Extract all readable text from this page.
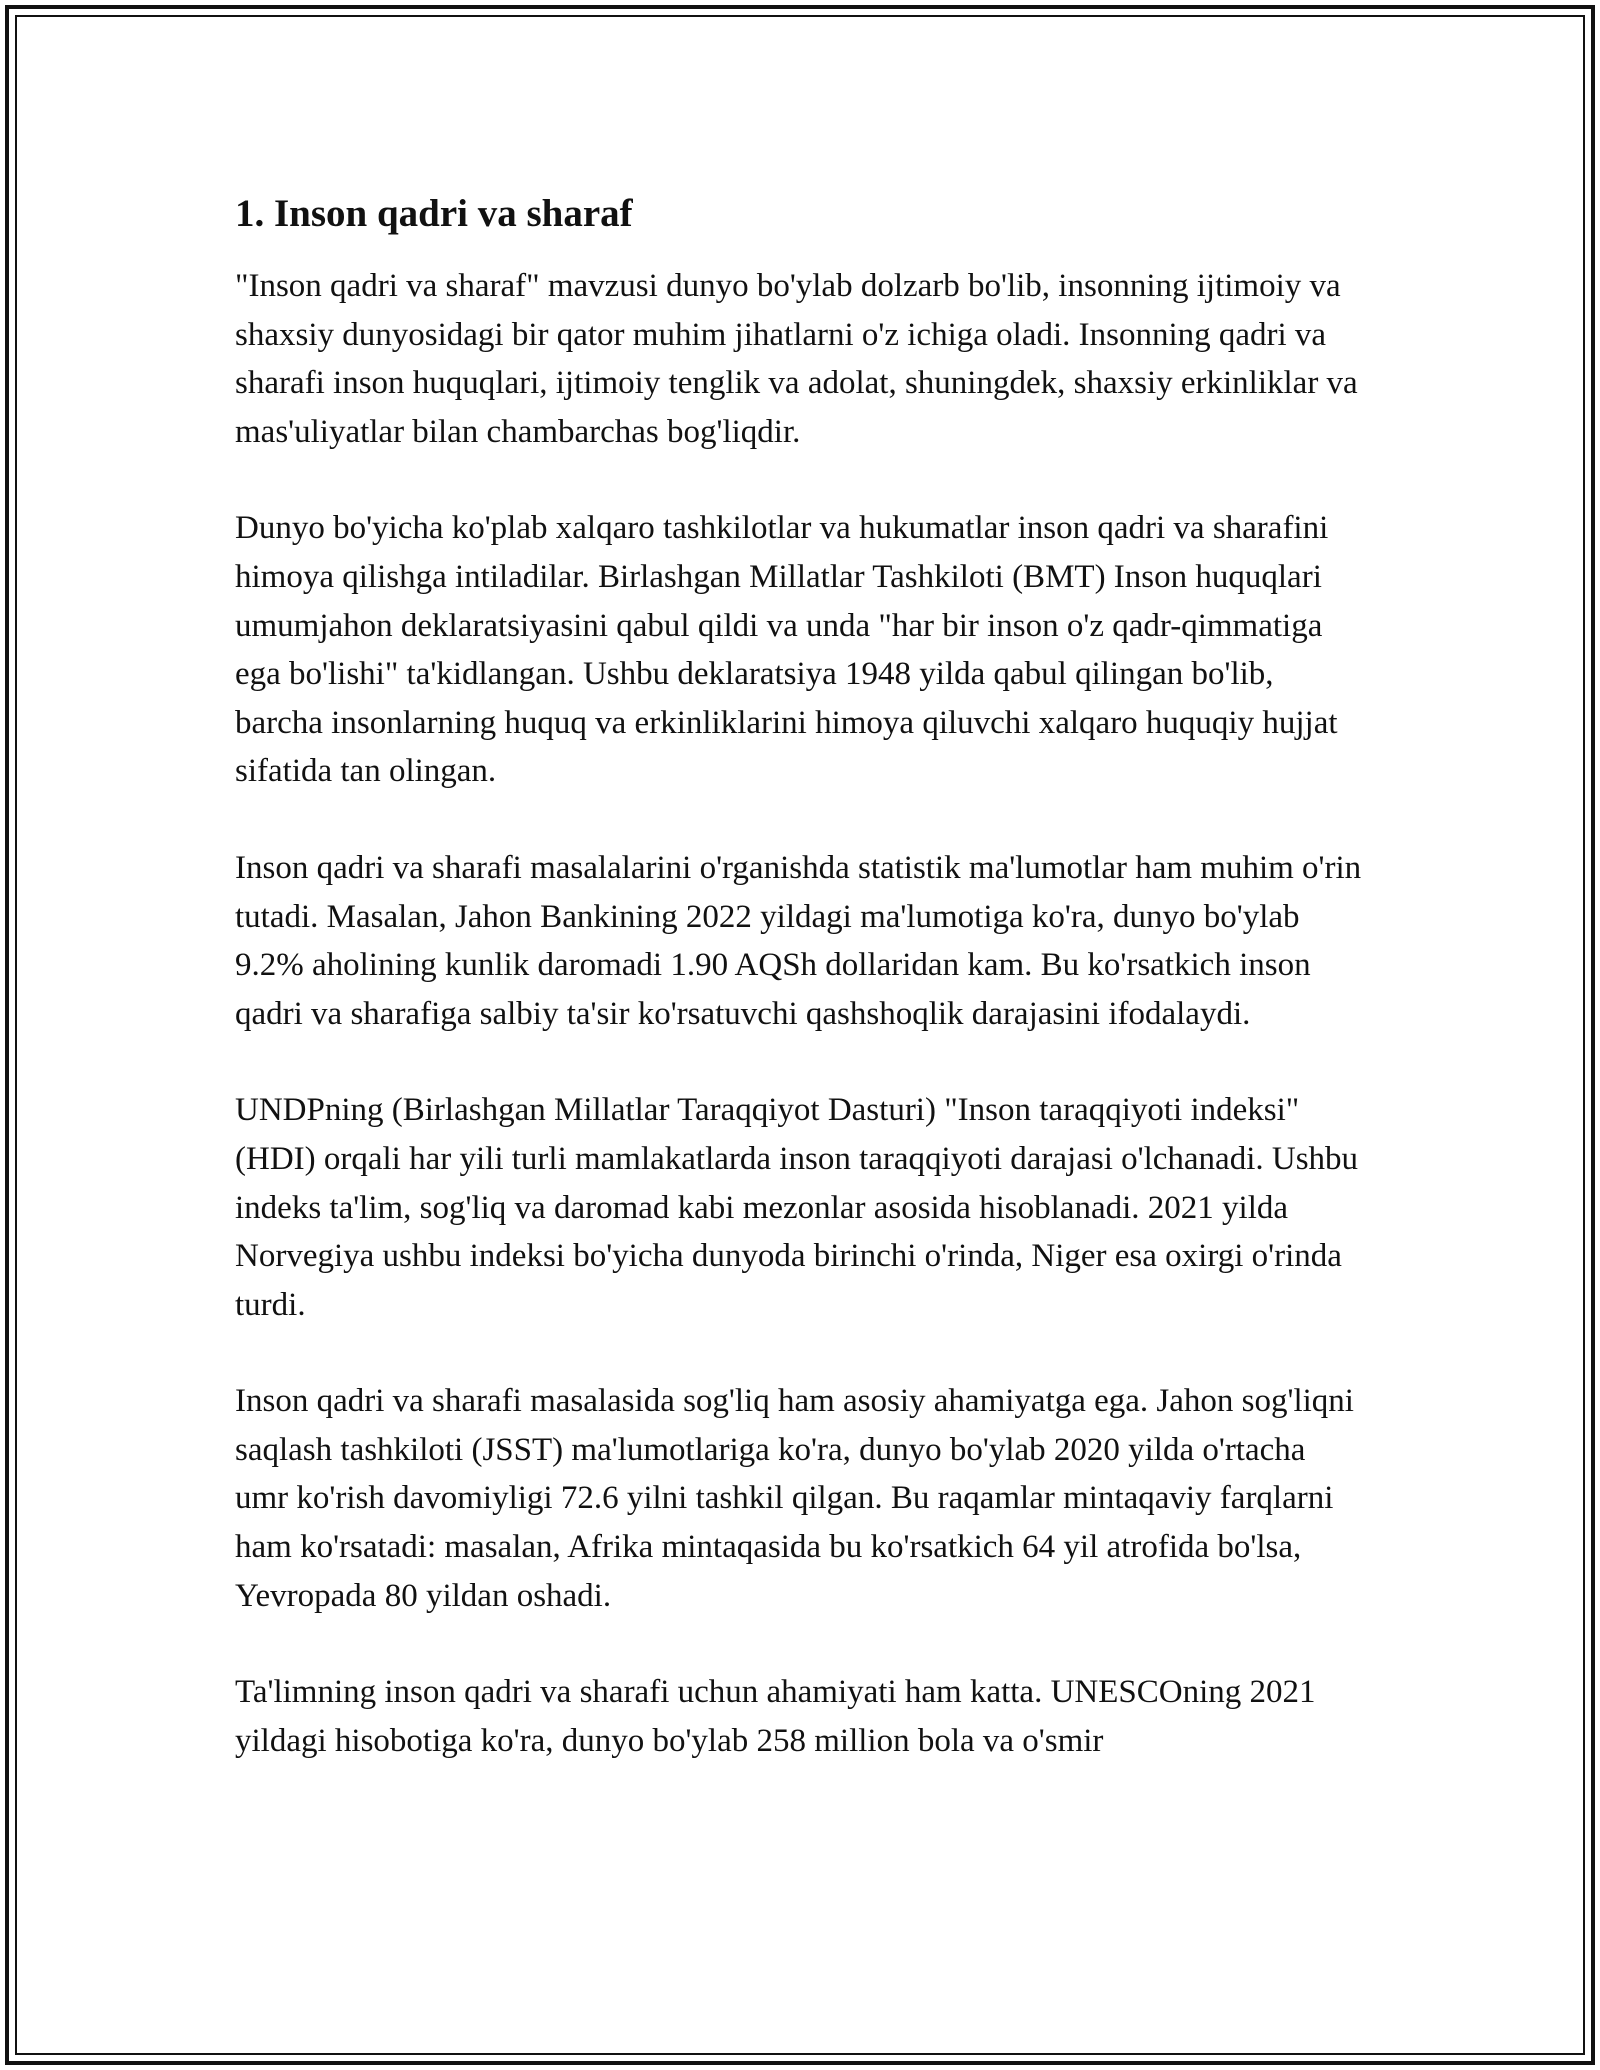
1. Inson qadri va sharaf

"Inson qadri va sharaf" mavzusi dunyo bo'ylab dolzarb bo'lib, insonning ijtimoiy va shaxsiy dunyosidagi bir qator muhim jihatlarni o'z ichiga oladi. Insonning qadri va sharafi inson huquqlari, ijtimoiy tenglik va adolat, shuningdek, shaxsiy erkinliklar va mas'uliyatlar bilan chambarchas bog'liqdir.

Dunyo bo'yicha ko'plab xalqaro tashkilotlar va hukumatlar inson qadri va sharafini himoya qilishga intiladilar. Birlashgan Millatlar Tashkiloti (BMT) Inson huquqlari umumjahon deklaratsiyasini qabul qildi va unda "har bir inson o'z qadr-qimmatiga ega bo'lishi" ta'kidlangan. Ushbu deklaratsiya 1948 yilda qabul qilingan bo'lib, barcha insonlarning huquq va erkinliklarini himoya qiluvchi xalqaro huquqiy hujjat sifatida tan olingan.

Inson qadri va sharafi masalalarini o'rganishda statistik ma'lumotlar ham muhim o'rin tutadi. Masalan, Jahon Bankining 2022 yildagi ma'lumotiga ko'ra, dunyo bo'ylab 9.2% aholining kunlik daromadi 1.90 AQSh dollaridan kam. Bu ko'rsatkich inson qadri va sharafiga salbiy ta'sir ko'rsatuvchi qashshoqlik darajasini ifodalaydi.

UNDPning (Birlashgan Millatlar Taraqqiyot Dasturi) "Inson taraqqiyoti indeksi" (HDI) orqali har yili turli mamlakatlarda inson taraqqiyoti darajasi o'lchanadi. Ushbu indeks ta'lim, sog'liq va daromad kabi mezonlar asosida hisoblanadi. 2021 yilda Norvegiya ushbu indeksi bo'yicha dunyoda birinchi o'rinda, Niger esa oxirgi o'rinda turdi.

Inson qadri va sharafi masalasida sog'liq ham asosiy ahamiyatga ega. Jahon sog'liqni saqlash tashkiloti (JSST) ma'lumotlariga ko'ra, dunyo bo'ylab 2020 yilda o'rtacha umr ko'rish davomiyligi 72.6 yilni tashkil qilgan. Bu raqamlar mintaqaviy farqlarni ham ko'rsatadi: masalan, Afrika mintaqasida bu ko'rsatkich 64 yil atrofida bo'lsa, Yevropada 80 yildan oshadi.

Ta'limning inson qadri va sharafi uchun ahamiyati ham katta. UNESCOning 2021 yildagi hisobotiga ko'ra, dunyo bo'ylab 258 million bola va o'smir
